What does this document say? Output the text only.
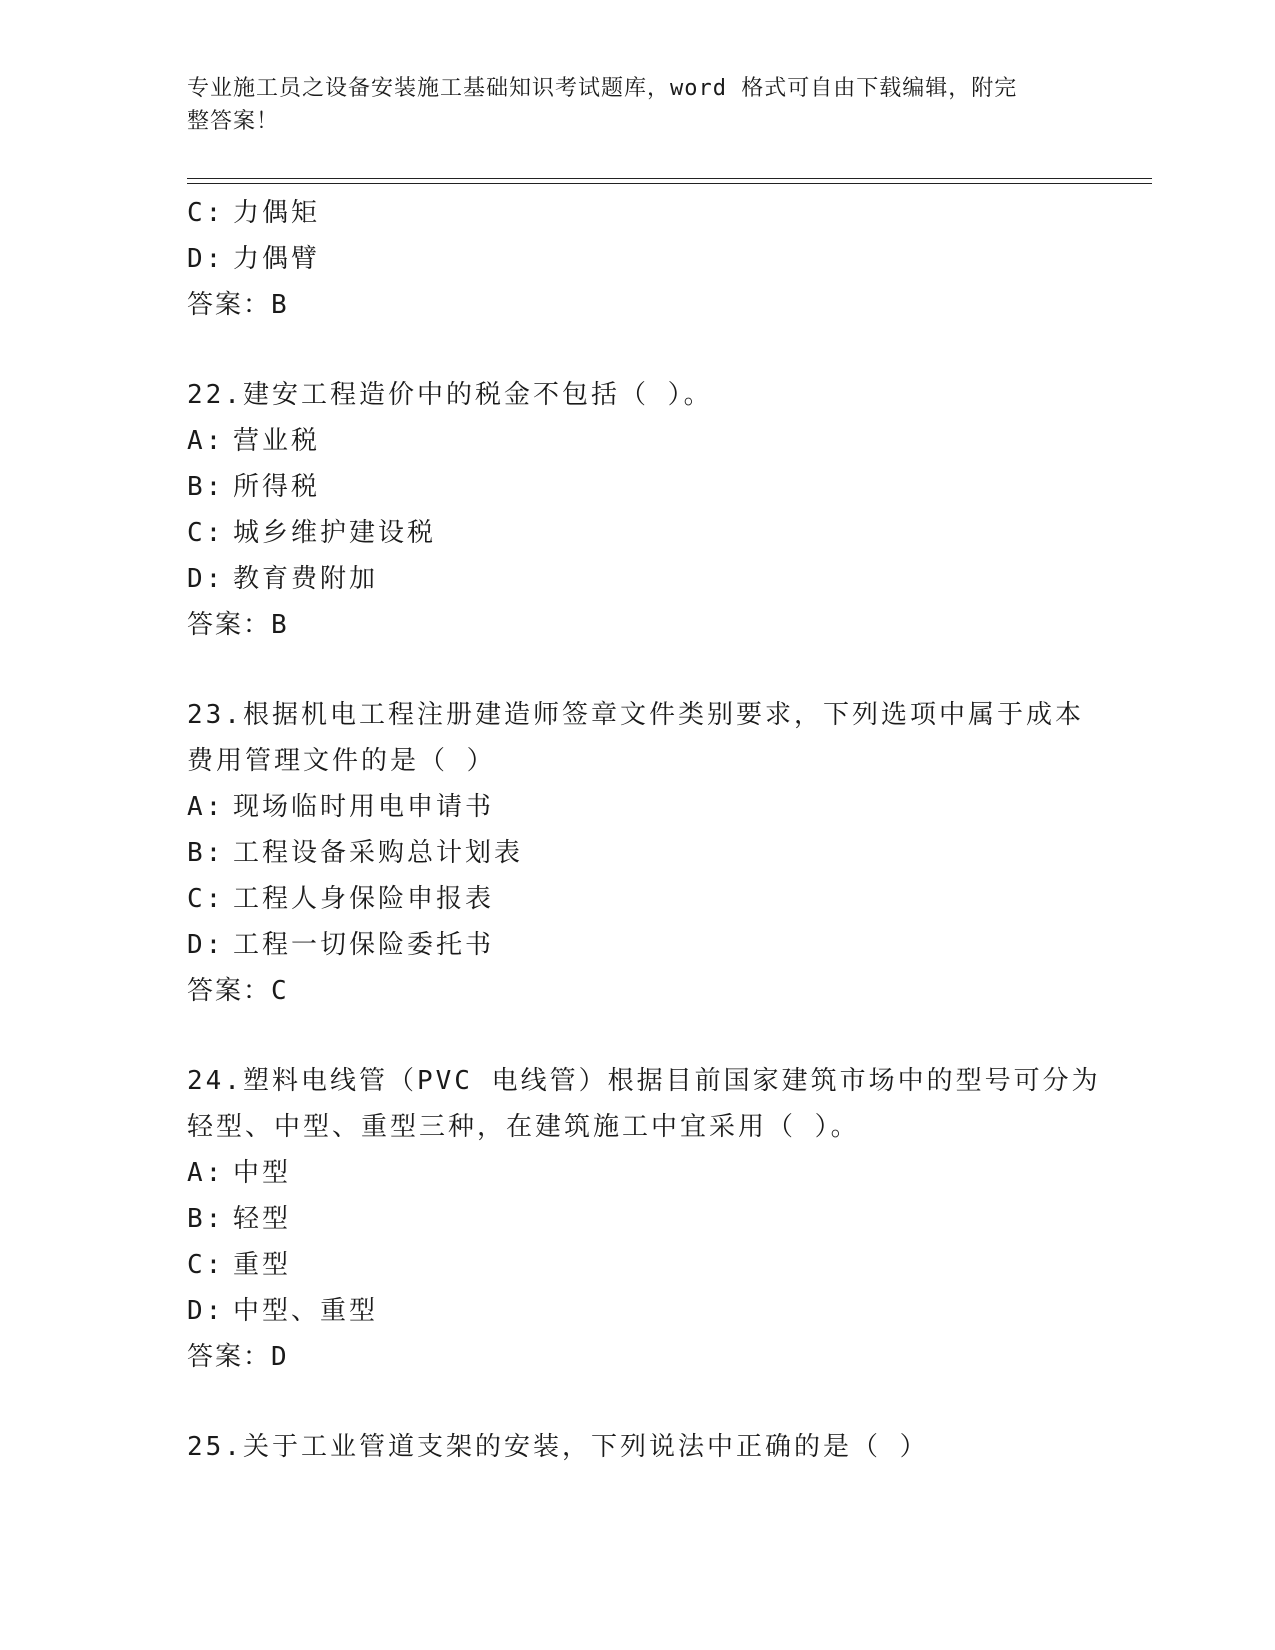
专业施工员之设备安装施工基础知识考试题库，word 格式可自由下载编辑，附完
整答案！
C: 力偶矩
D: 力偶臂
答案：B
22.建安工程造价中的税金不包括（ ）。
A: 营业税
B: 所得税
C: 城乡维护建设税
D: 教育费附加
答案：B
23.根据机电工程注册建造师签章文件类别要求，下列选项中属于成本
费用管理文件的是（ ）
A: 现场临时用电申请书
B: 工程设备采购总计划表
C: 工程人身保险申报表
D: 工程一切保险委托书
答案：C
24.塑料电线管（PVC 电线管）根据目前国家建筑市场中的型号可分为
轻型、中型、重型三种，在建筑施工中宜采用（ ）。
A: 中型
B: 轻型
C: 重型
D: 中型、重型
答案：D
25.关于工业管道支架的安装，下列说法中正确的是（ ）
